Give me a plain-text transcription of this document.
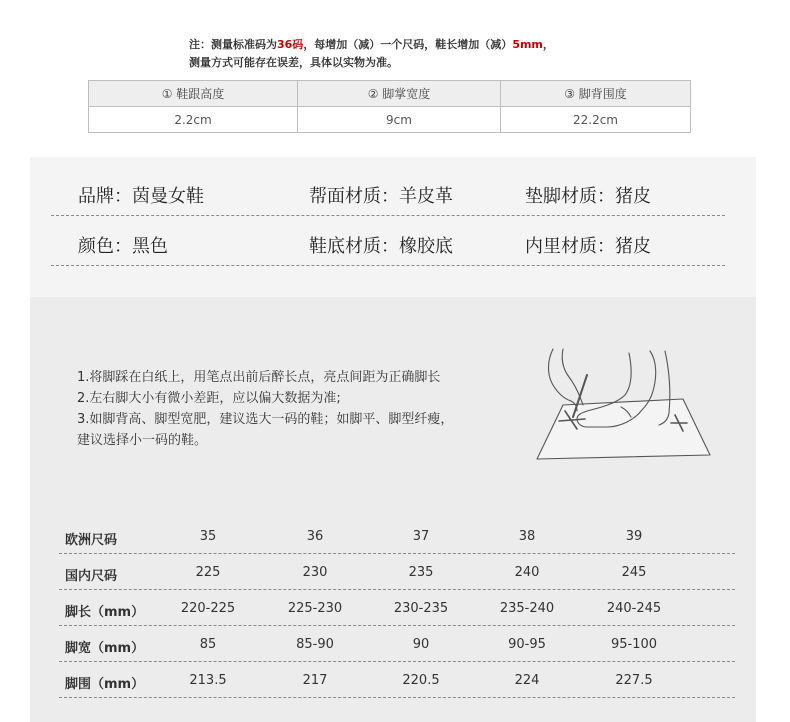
注：测量标准码为36码，每增加（减）一个尺码，鞋长增加（减）5mm，
测量方式可能存在误差，具体以实物为准。
① 鞋跟高度	② 脚掌宽度	③ 脚背围度
2.2cm	9cm	22.2cm
品牌：茵曼女鞋	帮面材质：羊皮革	垫脚材质：猪皮
颜色：黑色	鞋底材质：橡胶底	内里材质：猪皮
1.将脚踩在白纸上，用笔点出前后醉长点，亮点间距为正确脚长
2.左右脚大小有微小差距，应以偏大数据为准;
3.如脚背高、脚型宽肥，建议选大一码的鞋；如脚平、脚型纤瘦，
建议选择小一码的鞋。
欧洲尺码	35	36	37	38	39
国内尺码	225	230	235	240	245
脚长（mm）	220-225	225-230	230-235	235-240	240-245
脚宽（mm）	85	85-90	90	90-95	95-100
脚围（mm）	213.5	217	220.5	224	227.5
